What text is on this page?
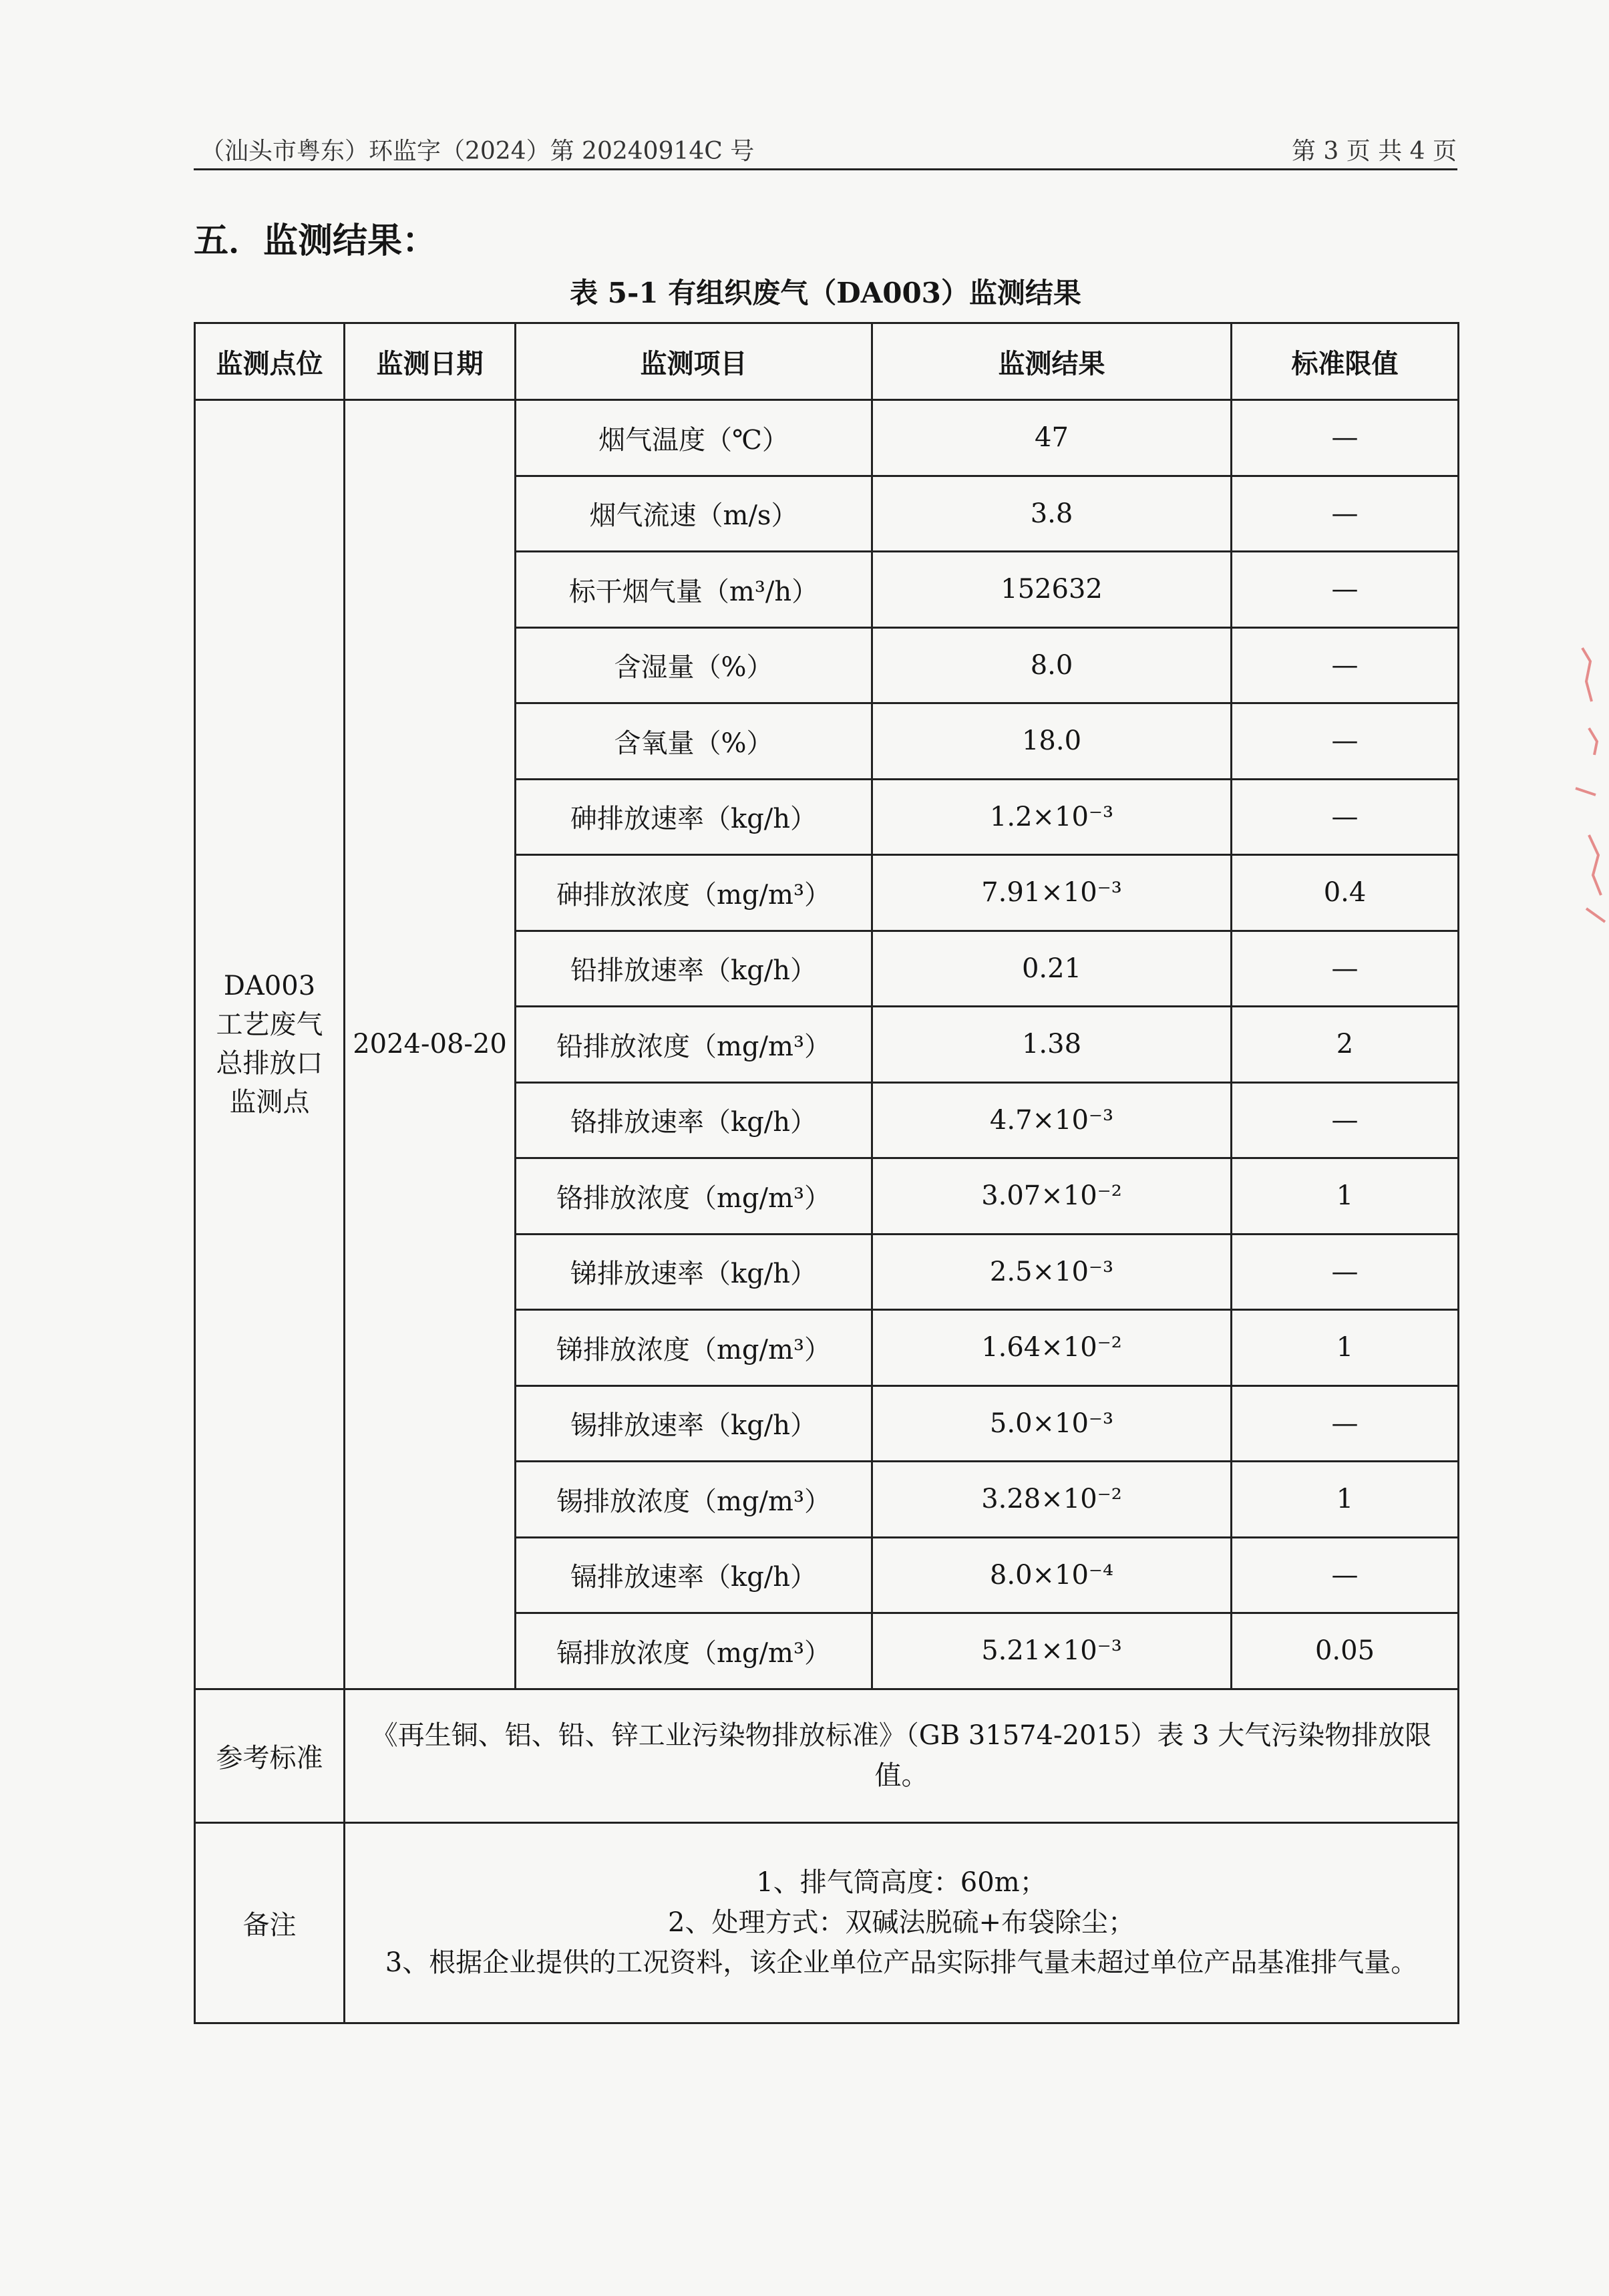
（汕头市粤东）环监字（2024）第 20240914C 号	第 3 页 共 4 页
五．监测结果：
表 5-1 有组织废气（DA003）监测结果
监测点位	监测日期	监测项目	监测结果	标准限值

DA003
工艺废气
总排放口
监测点	2024-08-20	烟气温度（℃）	47	—
		烟气流速（m/s）	3.8	—
		标干烟气量（m³/h）	152632	—
		含湿量（%）	8.0	—
		含氧量（%）	18.0	—
		砷排放速率（kg/h）	1.2×10⁻³	—
		砷排放浓度（mg/m³）	7.91×10⁻³	0.4
		铅排放速率（kg/h）	0.21	—
		铅排放浓度（mg/m³）	1.38	2
		铬排放速率（kg/h）	4.7×10⁻³	—
		铬排放浓度（mg/m³）	3.07×10⁻²	1
		锑排放速率（kg/h）	2.5×10⁻³	—
		锑排放浓度（mg/m³）	1.64×10⁻²	1
		锡排放速率（kg/h）	5.0×10⁻³	—
		锡排放浓度（mg/m³）	3.28×10⁻²	1
		镉排放速率（kg/h）	8.0×10⁻⁴	—
		镉排放浓度（mg/m³）	5.21×10⁻³	0.05
参考标准	《再生铜、铝、铅、锌工业污染物排放标准》（GB 31574-2015）表 3 大气污染物排放限值。			
备注	1、排气筒高度：60m；
2、处理方式：双碱法脱硫+布袋除尘；
3、根据企业提供的工况资料，该企业单位产品实际排气量未超过单位产品基准排气量。			
